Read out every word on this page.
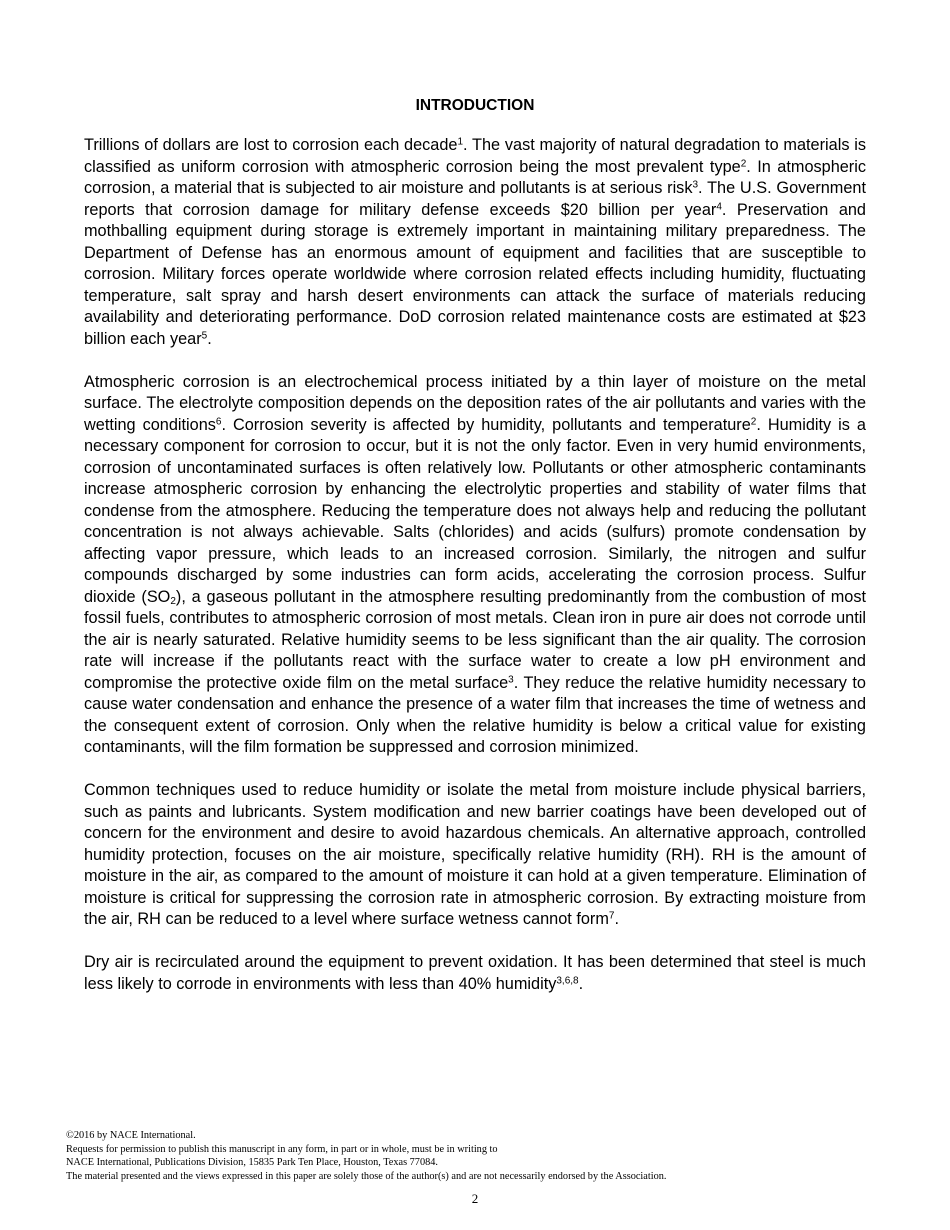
INTRODUCTION

Trillions of dollars are lost to corrosion each decade$^1$. The vast majority of natural degradation to materials is classified as uniform corrosion with atmospheric corrosion being the most prevalent type$^2$. In atmospheric corrosion, a material that is subjected to air moisture and pollutants is at serious risk$^3$. The U.S. Government reports that corrosion damage for military defense exceeds $20 billion per year$^4$. Preservation and mothballing equipment during storage is extremely important in maintaining military preparedness. The Department of Defense has an enormous amount of equipment and facilities that are susceptible to corrosion. Military forces operate worldwide where corrosion related effects including humidity, fluctuating temperature, salt spray and harsh desert environments can attack the surface of materials reducing availability and deteriorating performance. DoD corrosion related maintenance costs are estimated at $23 billion each year$^5$.

Atmospheric corrosion is an electrochemical process initiated by a thin layer of moisture on the metal surface. The electrolyte composition depends on the deposition rates of the air pollutants and varies with the wetting conditions$^6$. Corrosion severity is affected by humidity, pollutants and temperature$^2$. Humidity is a necessary component for corrosion to occur, but it is not the only factor. Even in very humid environments, corrosion of uncontaminated surfaces is often relatively low. Pollutants or other atmospheric contaminants increase atmospheric corrosion by enhancing the electrolytic properties and stability of water films that condense from the atmosphere. Reducing the temperature does not always help and reducing the pollutant concentration is not always achievable. Salts (chlorides) and acids (sulfurs) promote condensation by affecting vapor pressure, which leads to an increased corrosion. Similarly, the nitrogen and sulfur compounds discharged by some industries can form acids, accelerating the corrosion process. Sulfur dioxide $(SO_2)$, a gaseous pollutant in the atmosphere resulting predominantly from the combustion of most fossil fuels, contributes to atmospheric corrosion of most metals. Clean iron in pure air does not corrode until the air is nearly saturated. Relative humidity seems to be less significant than the air quality. The corrosion rate will increase if the pollutants react with the surface water to create a low pH environment and compromise the protective oxide film on the metal surface$^3$. They reduce the relative humidity necessary to cause water condensation and enhance the presence of a water film that increases the time of wetness and the consequent extent of corrosion. Only when the relative humidity is below a critical value for existing contaminants, will the film formation be suppressed and corrosion minimized.

Common techniques used to reduce humidity or isolate the metal from moisture include physical barriers, such as paints and lubricants. System modification and new barrier coatings have been developed out of concern for the environment and desire to avoid hazardous chemicals. An alternative approach, controlled humidity protection, focuses on the air moisture, specifically relative humidity (RH). RH is the amount of moisture in the air, as compared to the amount of moisture it can hold at a given temperature. Elimination of moisture is critical for suppressing the corrosion rate in atmospheric corrosion. By extracting moisture from the air, RH can be reduced to a level where surface wetness cannot form$^7$.

Dry air is recirculated around the equipment to prevent oxidation. It has been determined that steel is much less likely to corrode in environments with less than 40% humidity$^{3,6,8}$.

©2016 by NACE International.
Requests for permission to publish this manuscript in any form, in part or in whole, must be in writing to
NACE International, Publications Division, 15835 Park Ten Place, Houston, Texas 77084.
The material presented and the views expressed in this paper are solely those of the author(s) and are not necessarily endorsed by the Association.
2
